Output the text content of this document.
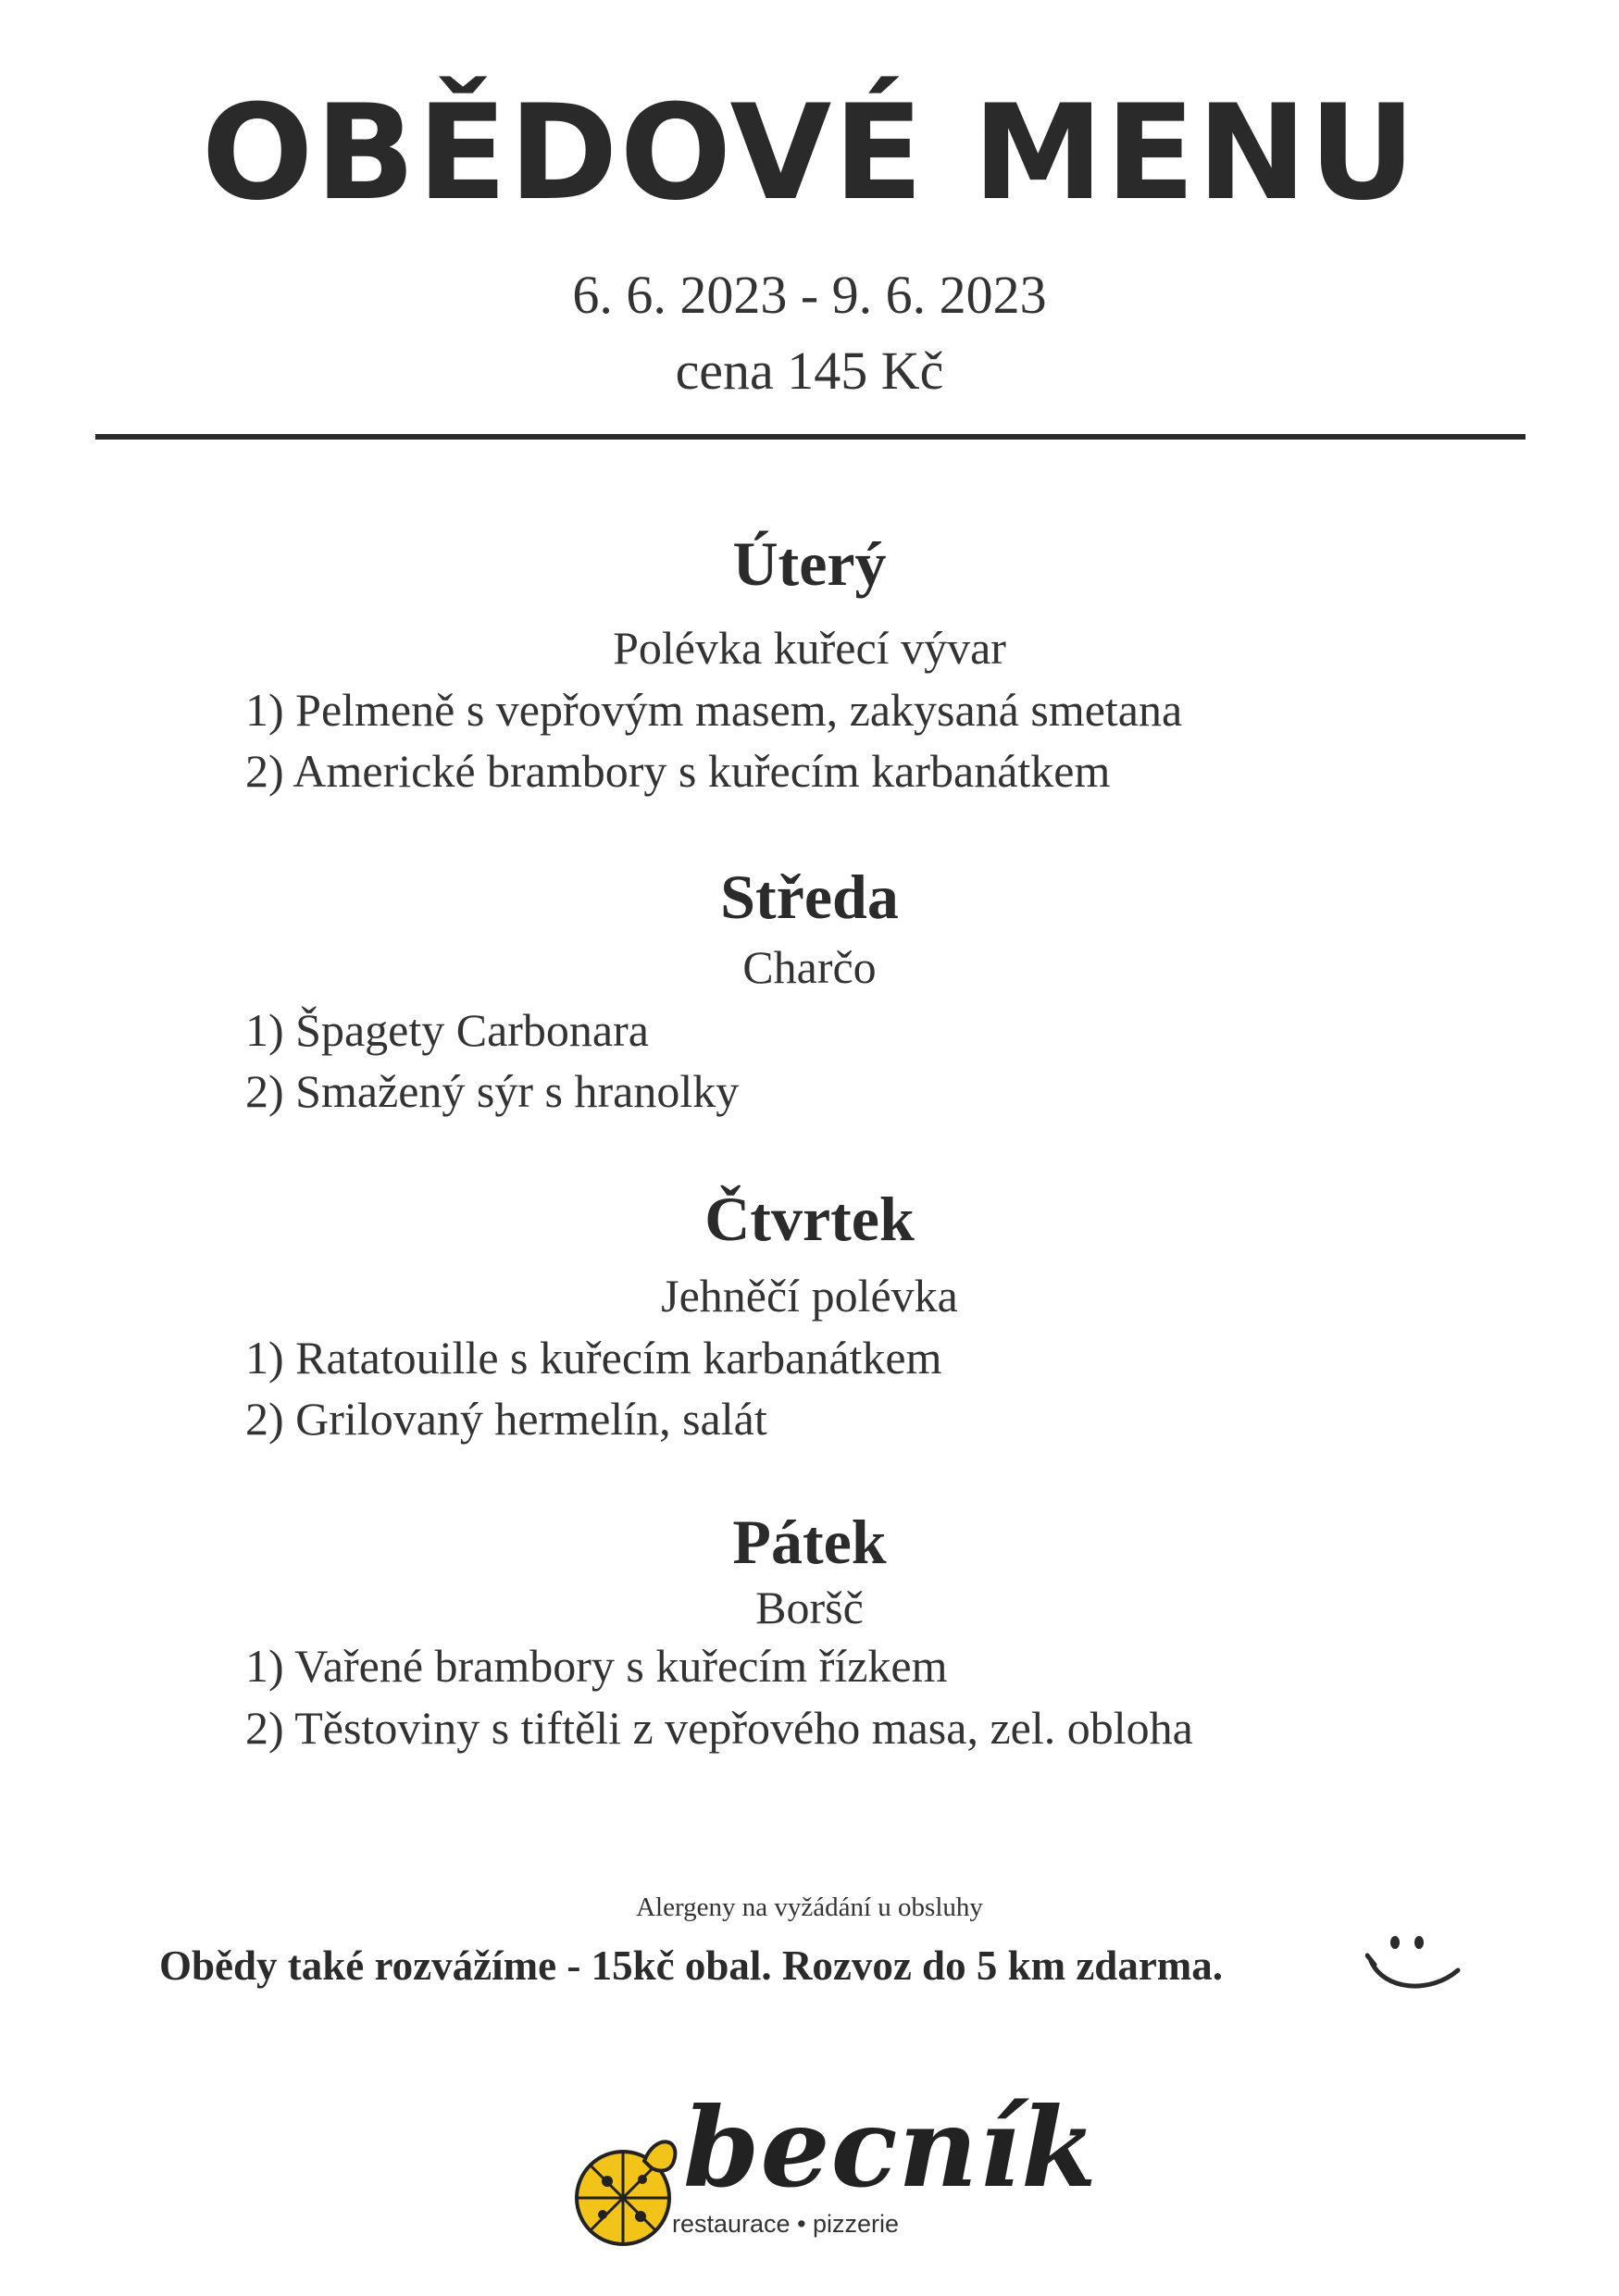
OBĚDOVÉ MENU
6. 6. 2023 - 9. 6. 2023
cena 145 Kč
Úterý
Polévka kuřecí vývar
1) Pelmeně s vepřovým masem, zakysaná smetana
2) Americké brambory s kuřecím karbanátkem
Středa
Charčo
1) Špagety Carbonara
2) Smažený sýr s hranolky
Čtvrtek
Jehněčí polévka
1) Ratatouille s kuřecím karbanátkem
2) Grilovaný hermelín, salát
Pátek
Boršč
1) Vařené brambory s kuřecím řízkem
2) Těstoviny s tiftěli z vepřového masa, zel. obloha
Alergeny na vyžádání u obsluhy
Obědy také rozvážíme - 15kč obal. Rozvoz do 5 km zdarma.
becník
restaurace • pizzerie
